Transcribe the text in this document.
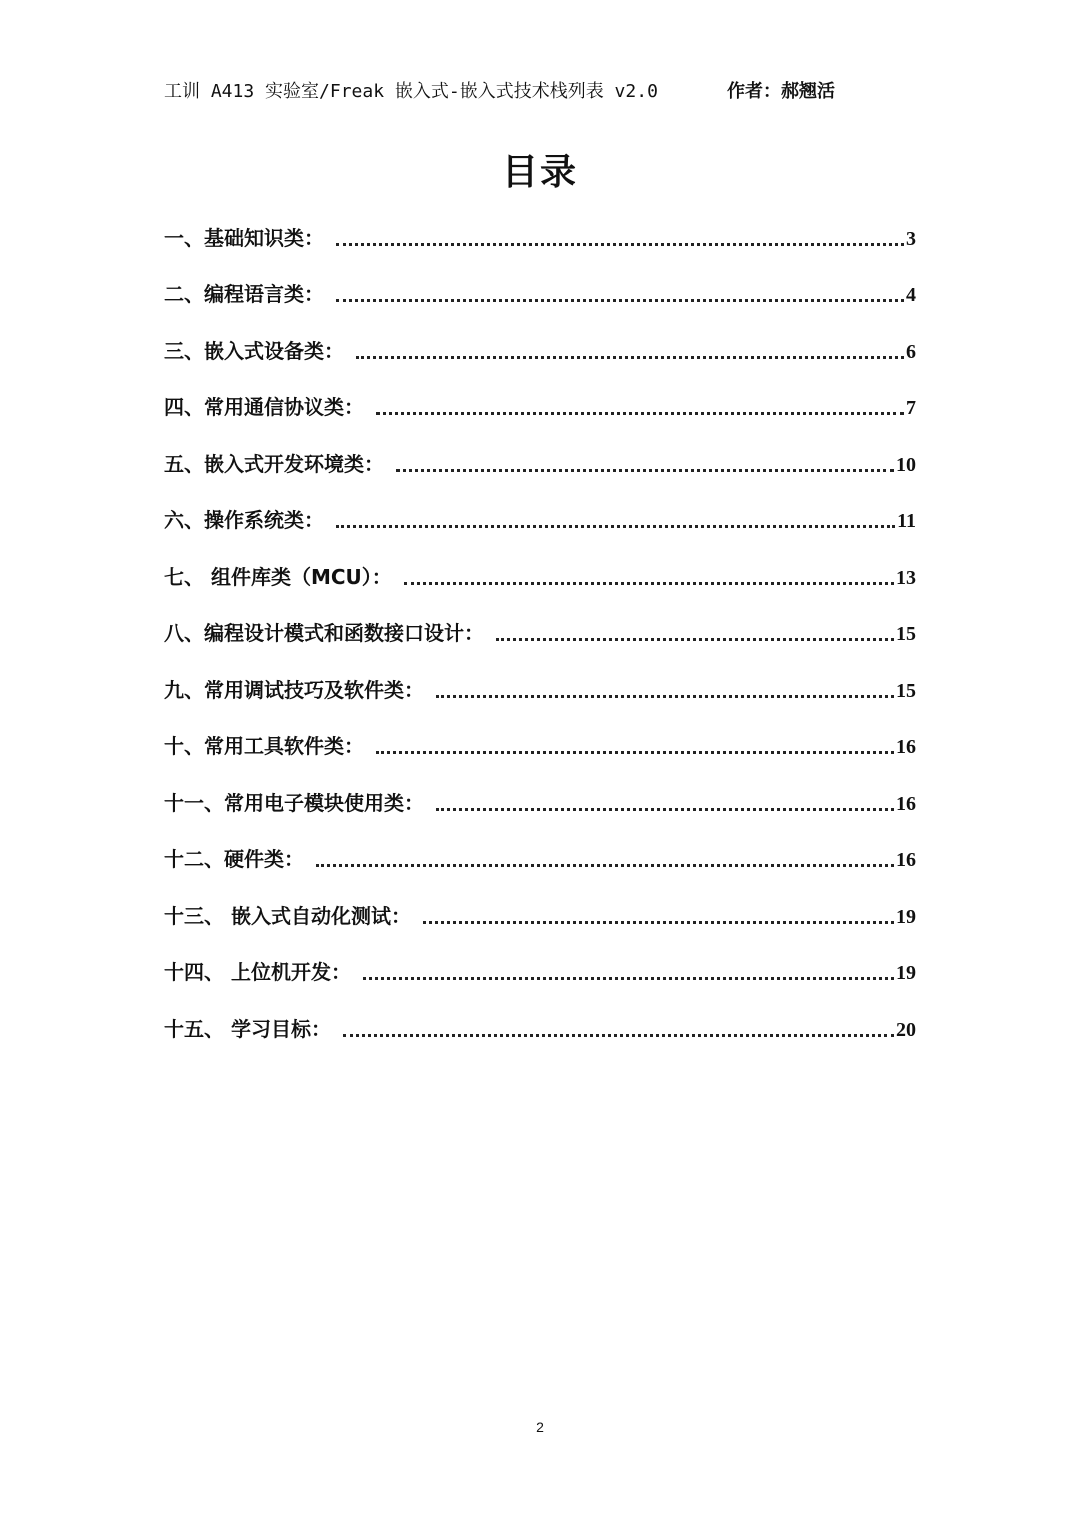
工训 A413 实验室/Freak 嵌入式-嵌入式技术栈列表 v2.0	作者：郝翘活
目录
一、基础知识类：	3
二、编程语言类：	4
三、嵌入式设备类：	6
四、常用通信协议类：	7
五、嵌入式开发环境类：	10
六、操作系统类：	11
七、 组件库类（MCU）：	13
八、编程设计模式和函数接口设计：	15
九、常用调试技巧及软件类：	15
十、常用工具软件类：	16
十一、常用电子模块使用类：	16
十二、硬件类：	16
十三、 嵌入式自动化测试：	19
十四、 上位机开发：	19
十五、 学习目标：	20
2
